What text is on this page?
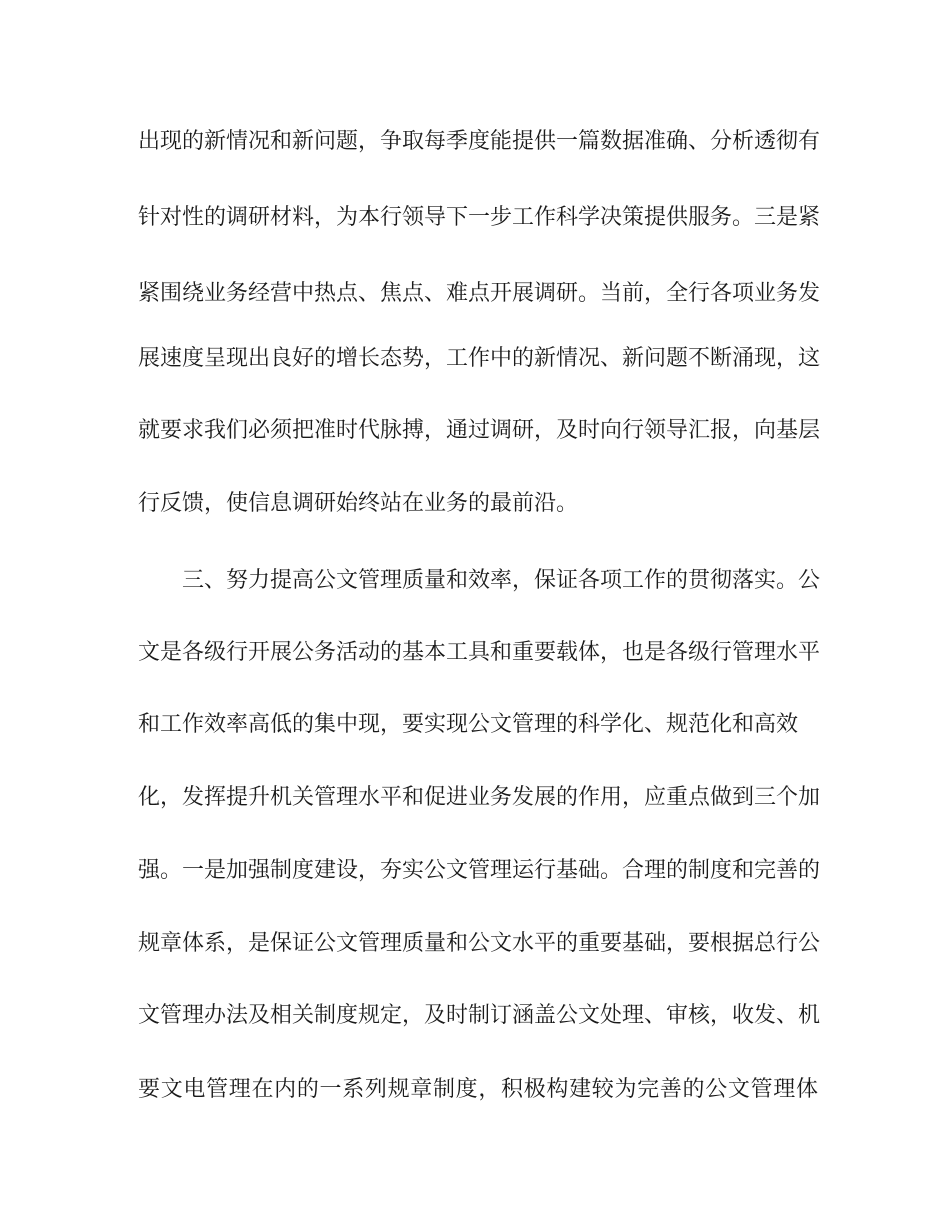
出现的新情况和新问题，争取每季度能提供一篇数据准确、分析透彻有
针对性的调研材料，为本行领导下一步工作科学决策提供服务。三是紧
紧围绕业务经营中热点、焦点、难点开展调研。当前，全行各项业务发
展速度呈现出良好的增长态势，工作中的新情况、新问题不断涌现，这
就要求我们必须把准时代脉搏，通过调研，及时向行领导汇报，向基层
行反馈，使信息调研始终站在业务的最前沿。
三、努力提高公文管理质量和效率，保证各项工作的贯彻落实。公
文是各级行开展公务活动的基本工具和重要载体，也是各级行管理水平
和工作效率高低的集中现，要实现公文管理的科学化、规范化和高效
化，发挥提升机关管理水平和促进业务发展的作用，应重点做到三个加
强。一是加强制度建设，夯实公文管理运行基础。合理的制度和完善的
规章体系，是保证公文管理质量和公文水平的重要基础，要根据总行公
文管理办法及相关制度规定，及时制订涵盖公文处理、审核，收发、机
要文电管理在内的一系列规章制度，积极构建较为完善的公文管理体
